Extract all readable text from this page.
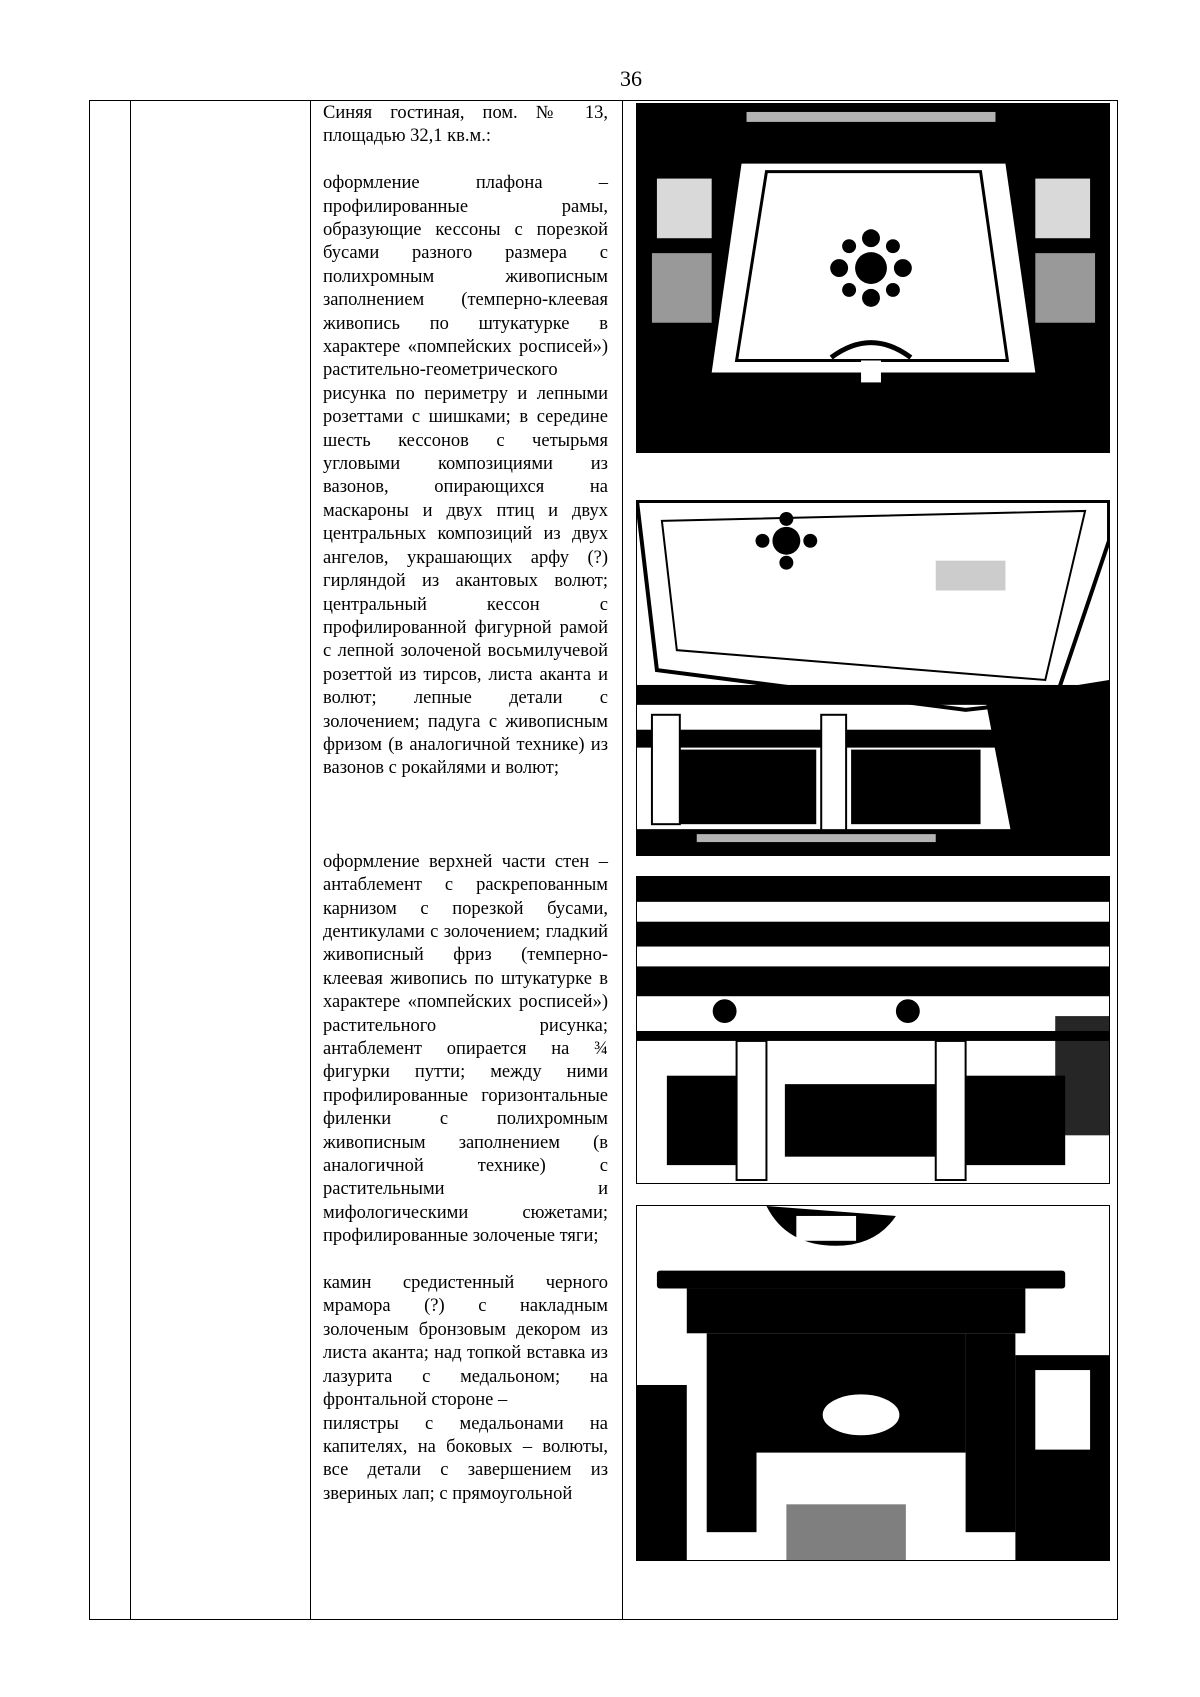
36

Синяя гостиная, пом. № 13, площадью 32,1 кв.м.:

оформление плафона – профилированные рамы, образующие кессоны с порезкой бусами разного размера с полихромным живописным заполнением (темперно-клеевая живопись по штукатурке в характере «помпейских росписей») растительно-геометрического рисунка по периметру и лепными розеттами с шишками; в середине шесть кессонов с четырьмя угловыми композициями из вазонов, опирающихся на маскароны и двух птиц и двух центральных композиций из двух ангелов, украшающих арфу (?) гирляндой из акантовых волют; центральный кессон с профилированной фигурной рамой с лепной золоченой восьмилучевой розеттой из тирсов, листа аканта и волют; лепные детали с золочением; падуга с живописным фризом (в аналогичной технике) из вазонов с рокайлями и волют;

оформление верхней части стен – антаблемент с раскрепованным карнизом с порезкой бусами, дентикулами с золочением; гладкий живописный фриз (темперно-клеевая живопись по штукатурке в характере «помпейских росписей») растительного рисунка; антаблемент опирается на ¾ фигурки путти; между ними профилированные горизонтальные филенки с полихромным живописным заполнением (в аналогичной технике) с растительными и мифологическими сюжетами; профилированные золоченые тяги;

камин средистенный черного мрамора (?) с накладным золоченым бронзовым декором из листа аканта; над топкой вставка из лазурита с медальоном; на фронтальной стороне –

пилястры с медальонами на капителях, на боковых – волюты, все детали с завершением из звериных лап; с прямоугольной
